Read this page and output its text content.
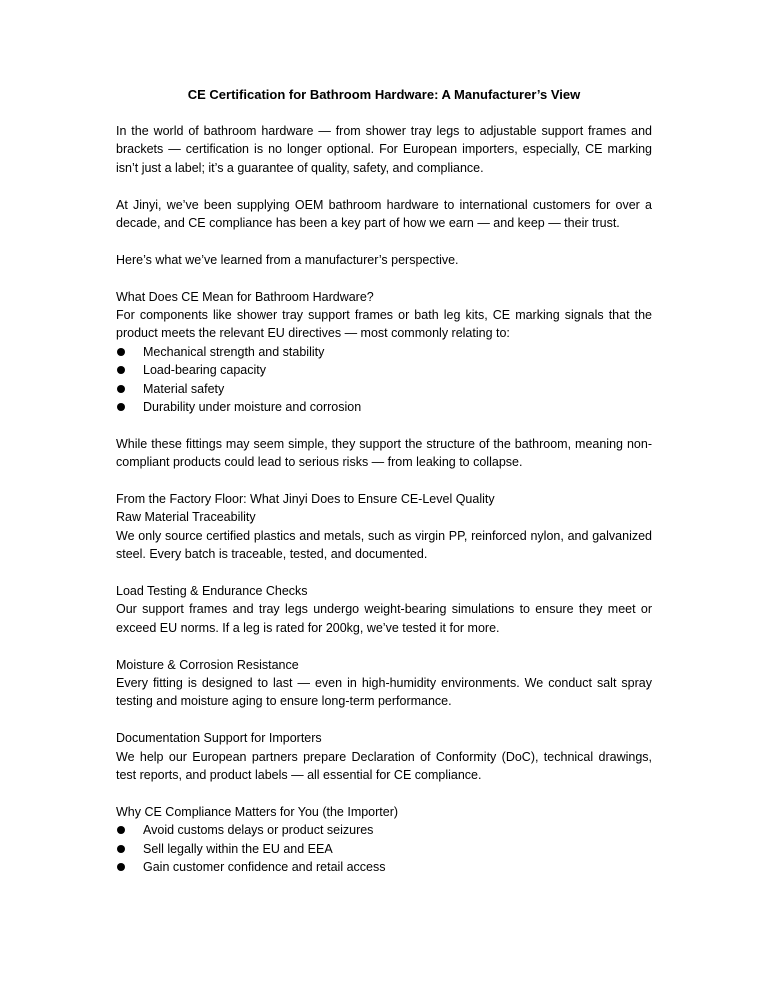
CE Certification for Bathroom Hardware: A Manufacturer’s View

In the world of bathroom hardware — from shower tray legs to adjustable support frames and brackets — certification is no longer optional. For European importers, especially, CE marking isn’t just a label; it’s a guarantee of quality, safety, and compliance.

At Jinyi, we’ve been supplying OEM bathroom hardware to international customers for over a decade, and CE compliance has been a key part of how we earn — and keep — their trust.

Here’s what we’ve learned from a manufacturer’s perspective.

What Does CE Mean for Bathroom Hardware?
For components like shower tray support frames or bath leg kits, CE marking signals that the product meets the relevant EU directives — most commonly relating to:
Mechanical strength and stability
Load-bearing capacity
Material safety
Durability under moisture and corrosion

While these fittings may seem simple, they support the structure of the bathroom, meaning non-compliant products could lead to serious risks — from leaking to collapse.

From the Factory Floor: What Jinyi Does to Ensure CE-Level Quality
Raw Material Traceability
We only source certified plastics and metals, such as virgin PP, reinforced nylon, and galvanized steel. Every batch is traceable, tested, and documented.
Load Testing & Endurance Checks
Our support frames and tray legs undergo weight-bearing simulations to ensure they meet or exceed EU norms. If a leg is rated for 200kg, we’ve tested it for more.
Moisture & Corrosion Resistance
Every fitting is designed to last — even in high-humidity environments. We conduct salt spray testing and moisture aging to ensure long-term performance.
Documentation Support for Importers
We help our European partners prepare Declaration of Conformity (DoC), technical drawings, test reports, and product labels — all essential for CE compliance.
Why CE Compliance Matters for You (the Importer)
Avoid customs delays or product seizures
Sell legally within the EU and EEA
Gain customer confidence and retail access
